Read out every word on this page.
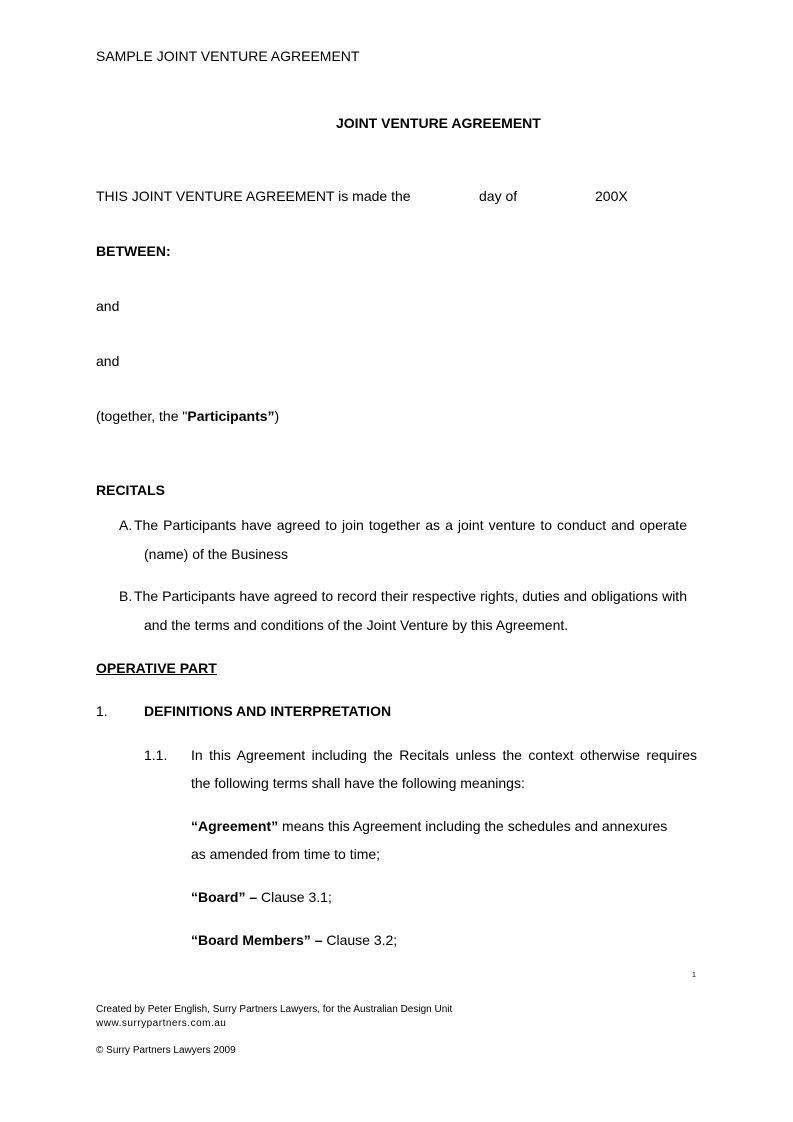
SAMPLE JOINT VENTURE AGREEMENT
JOINT VENTURE AGREEMENT
THIS JOINT VENTURE AGREEMENT is made the	day of	200X
BETWEEN:
and
and
(together, the "Participants”)
RECITALS
A. The Participants have agreed to join together as a joint venture to conduct and operate
(name) of the Business
B. The Participants have agreed to record their respective rights, duties and obligations with
and the terms and conditions of the Joint Venture by this Agreement.
OPERATIVE PART
1.	DEFINITIONS AND INTERPRETATION
1.1. In this Agreement including the Recitals unless the context otherwise requires
the following terms shall have the following meanings:
“Agreement” means this Agreement including the schedules and annexures
as amended from time to time;
“Board” – Clause 3.1;
“Board Members” – Clause 3.2;
1
Created by Peter English, Surry Partners Lawyers, for the Australian Design Unit
www.surrypartners.com.au
© Surry Partners Lawyers 2009
